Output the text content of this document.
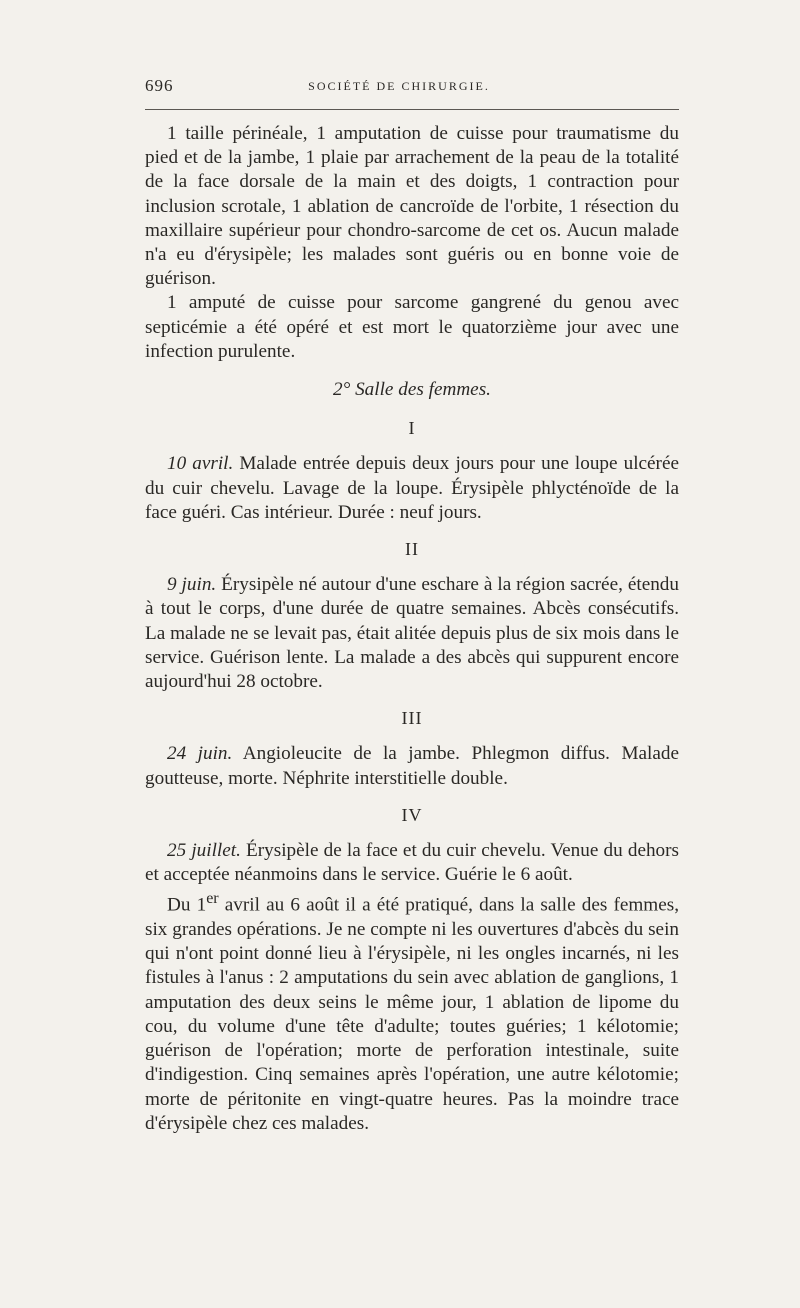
696	SOCIÉTÉ DE CHIRURGIE.

1 taille périnéale, 1 amputation de cuisse pour traumatisme du pied et de la jambe, 1 plaie par arrachement de la peau de la totalité de la face dorsale de la main et des doigts, 1 contraction pour inclusion scrotale, 1 ablation de cancroïde de l'orbite, 1 résection du maxillaire supérieur pour chondro-sarcome de cet os. Aucun malade n'a eu d'érysipèle; les malades sont guéris ou en bonne voie de guérison.

1 amputé de cuisse pour sarcome gangrené du genou avec septicémie a été opéré et est mort le quatorzième jour avec une infection purulente.

2° Salle des femmes.

I

10 avril. Malade entrée depuis deux jours pour une loupe ulcérée du cuir chevelu. Lavage de la loupe. Érysipèle phlycténoïde de la face guéri. Cas intérieur. Durée : neuf jours.

II

9 juin. Érysipèle né autour d'une eschare à la région sacrée, étendu à tout le corps, d'une durée de quatre semaines. Abcès consécutifs. La malade ne se levait pas, était alitée depuis plus de six mois dans le service. Guérison lente. La malade a des abcès qui suppurent encore aujourd'hui 28 octobre.

III

24 juin. Angioleucite de la jambe. Phlegmon diffus. Malade goutteuse, morte. Néphrite interstitielle double.

IV

25 juillet. Érysipèle de la face et du cuir chevelu. Venue du dehors et acceptée néanmoins dans le service. Guérie le 6 août.

Du 1er avril au 6 août il a été pratiqué, dans la salle des femmes, six grandes opérations. Je ne compte ni les ouvertures d'abcès du sein qui n'ont point donné lieu à l'érysipèle, ni les ongles incarnés, ni les fistules à l'anus : 2 amputations du sein avec ablation de ganglions, 1 amputation des deux seins le même jour, 1 ablation de lipome du cou, du volume d'une tête d'adulte; toutes guéries; 1 kélotomie; guérison de l'opération; morte de perforation intestinale, suite d'indigestion. Cinq semaines après l'opération, une autre kélotomie; morte de péritonite en vingt-quatre heures. Pas la moindre trace d'érysipèle chez ces malades.
